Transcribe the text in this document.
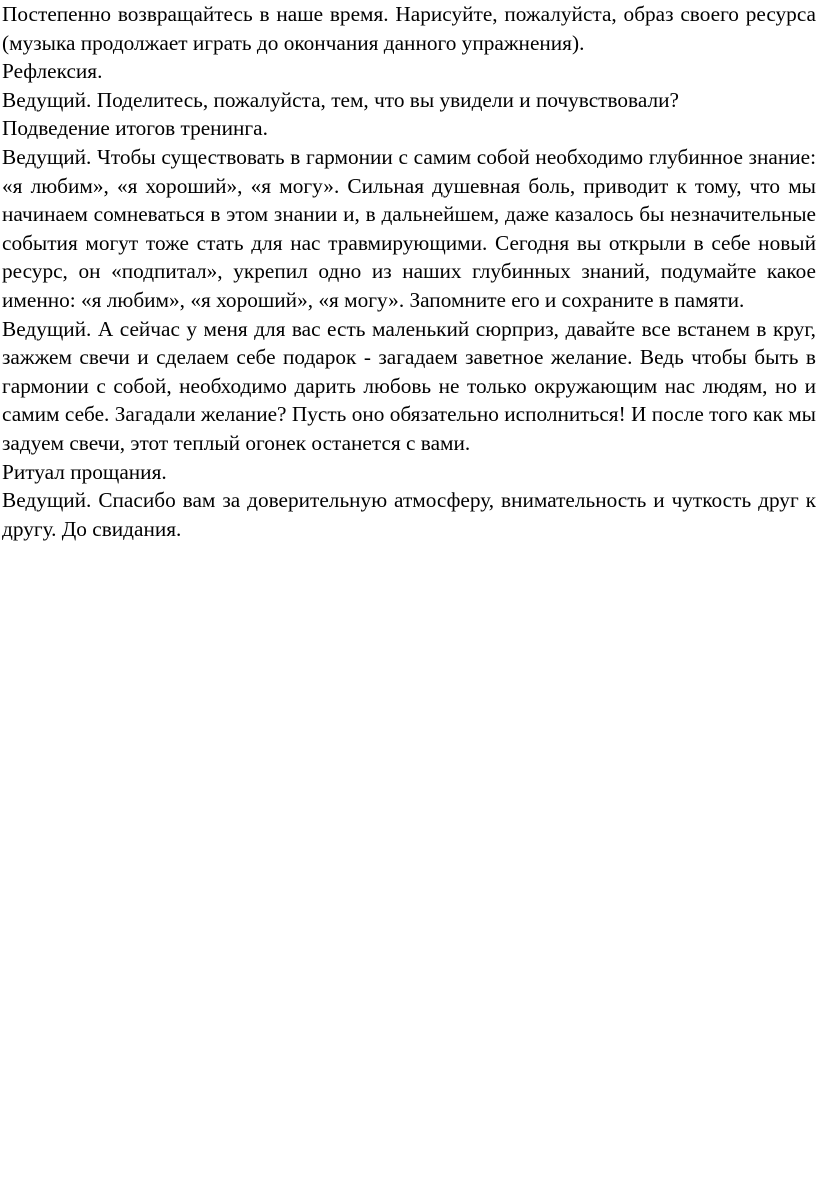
Постепенно возвращайтесь в наше время. Нарисуйте, пожалуйста, образ своего ресурса (музыка продолжает играть до окончания данного упражнения).

Рефлексия.

Ведущий. Поделитесь, пожалуйста, тем, что вы увидели и почувствовали?

Подведение итогов тренинга.

Ведущий. Чтобы существовать в гармонии с самим собой необходимо глубинное знание: «я любим», «я хороший», «я могу». Сильная душевная боль, приводит к тому, что мы начинаем сомневаться в этом знании и, в дальнейшем, даже казалось бы незначительные события могут тоже стать для нас травмирующими. Сегодня вы открыли в себе новый ресурс, он «подпитал», укрепил одно из наших глубинных знаний, подумайте какое именно: «я любим», «я хороший», «я могу». Запомните его и сохраните в памяти.

Ведущий. А сейчас у меня для вас есть маленький сюрприз, давайте все встанем в круг, зажжем свечи и сделаем себе подарок - загадаем заветное желание. Ведь чтобы быть в гармонии с собой, необходимо дарить любовь не только окружающим нас людям, но и самим себе. Загадали желание? Пусть оно обязательно исполниться! И после того как мы задуем свечи, этот теплый огонек останется с вами.

Ритуал прощания.

Ведущий. Спасибо вам за доверительную атмосферу, внимательность и чуткость друг к другу. До свидания.
